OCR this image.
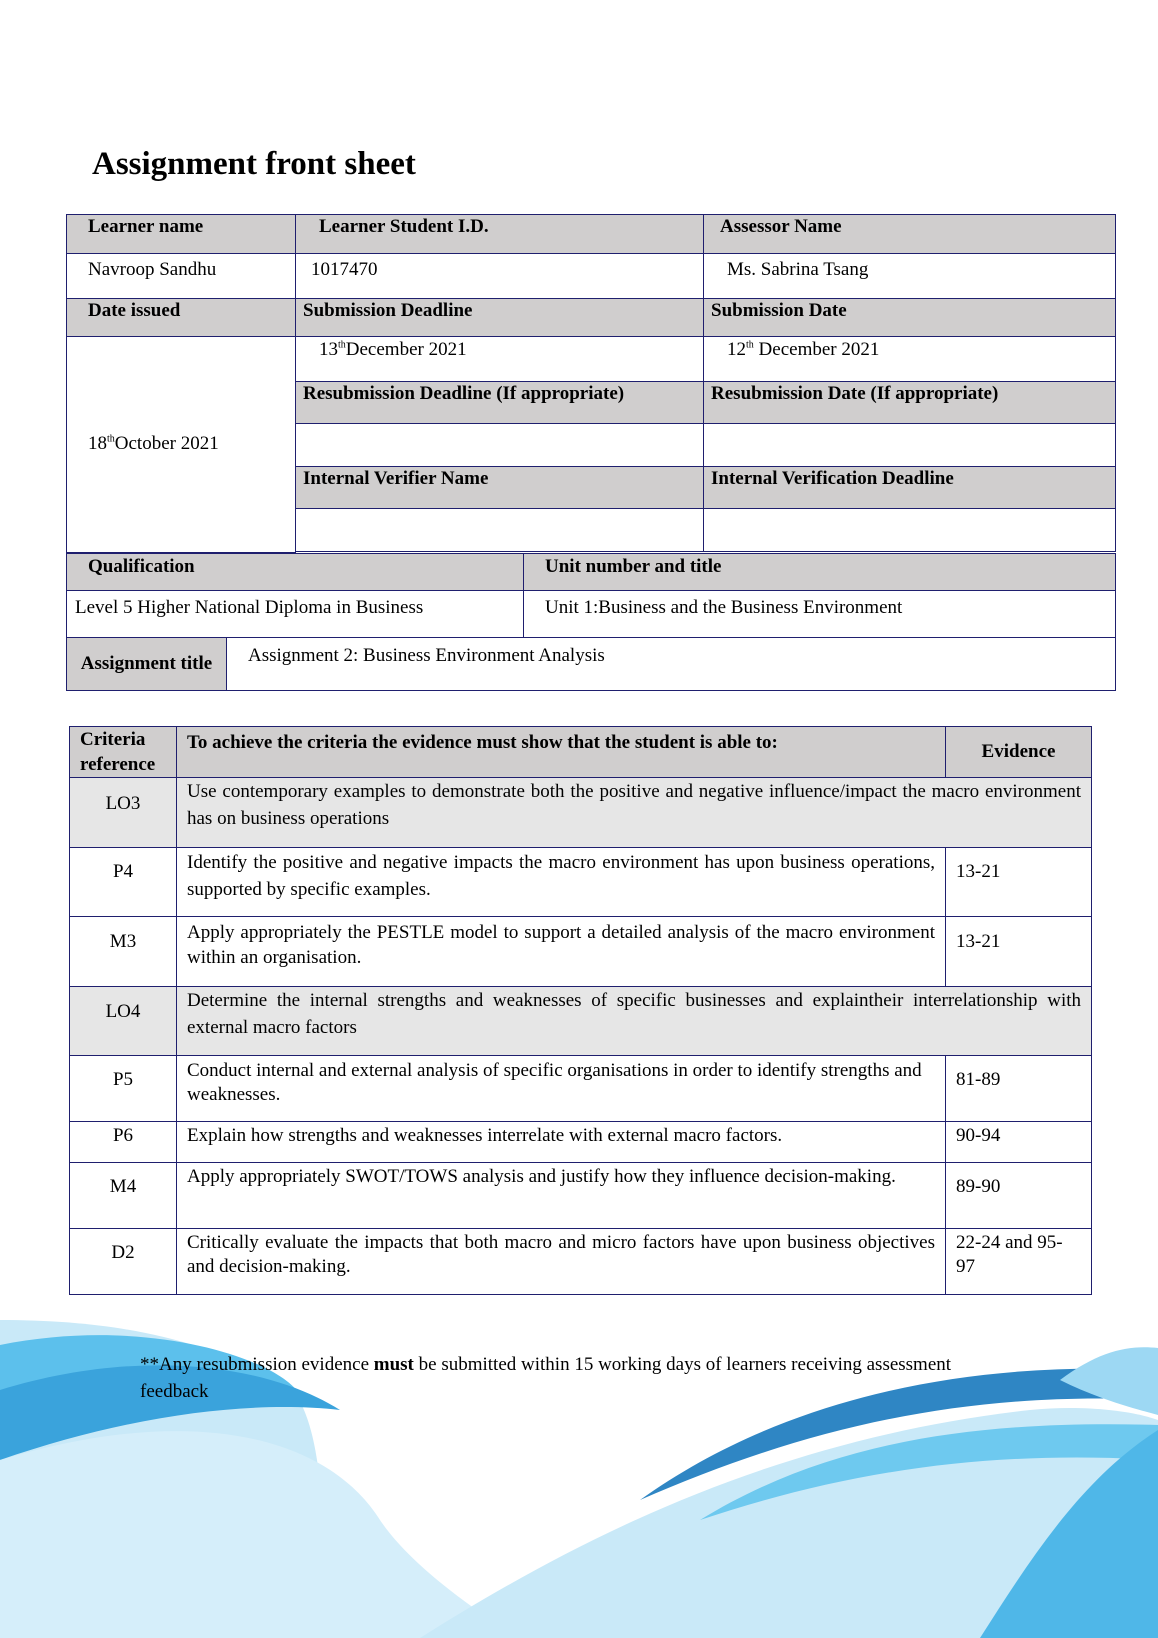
Assignment front sheet
Learner name	Learner Student I.D.	Assessor Name

Navroop Sandhu	1017470	Ms. Sabrina Tsang

Date issued	Submission Deadline	Submission Date
18thOctober 2021	13thDecember 2021	12th December 2021

	Resubmission Deadline (If appropriate)	Resubmission Date (If appropriate)

	Internal Verifier Name	Internal Verification Deadline

Qualification		Unit number and title

Level 5 Higher National Diploma in Business		Unit 1:Business and the Business Environment

Assignment title	Assignment 2: Business Environment Analysis	
Criteria reference	To achieve the criteria the evidence must show that the student is able to:	Evidence
LO3	Use contemporary examples to demonstrate both the positive and negative influence/impact the macro environment has on business operations	
P4	Identify the positive and negative impacts the macro environment has upon business operations, supported by specific examples.	13-21
M3	Apply appropriately the PESTLE model to support a detailed analysis of the macro environment within an organisation.	13-21
LO4	Determine the internal strengths and weaknesses of specific businesses and explaintheir interrelationship with external macro factors	
P5	Conduct internal and external analysis of specific organisations in order to identify strengths and weaknesses.	81-89
P6	Explain how strengths and weaknesses interrelate with external macro factors.	90-94
M4	Apply appropriately SWOT/TOWS analysis and justify how they influence decision-making.	89-90
D2	Critically evaluate the impacts that both macro and micro factors have upon business objectives and decision-making.	22-24 and 95-97

**Any resubmission evidence must be submitted within 15 working days of learners receiving assessment feedback
